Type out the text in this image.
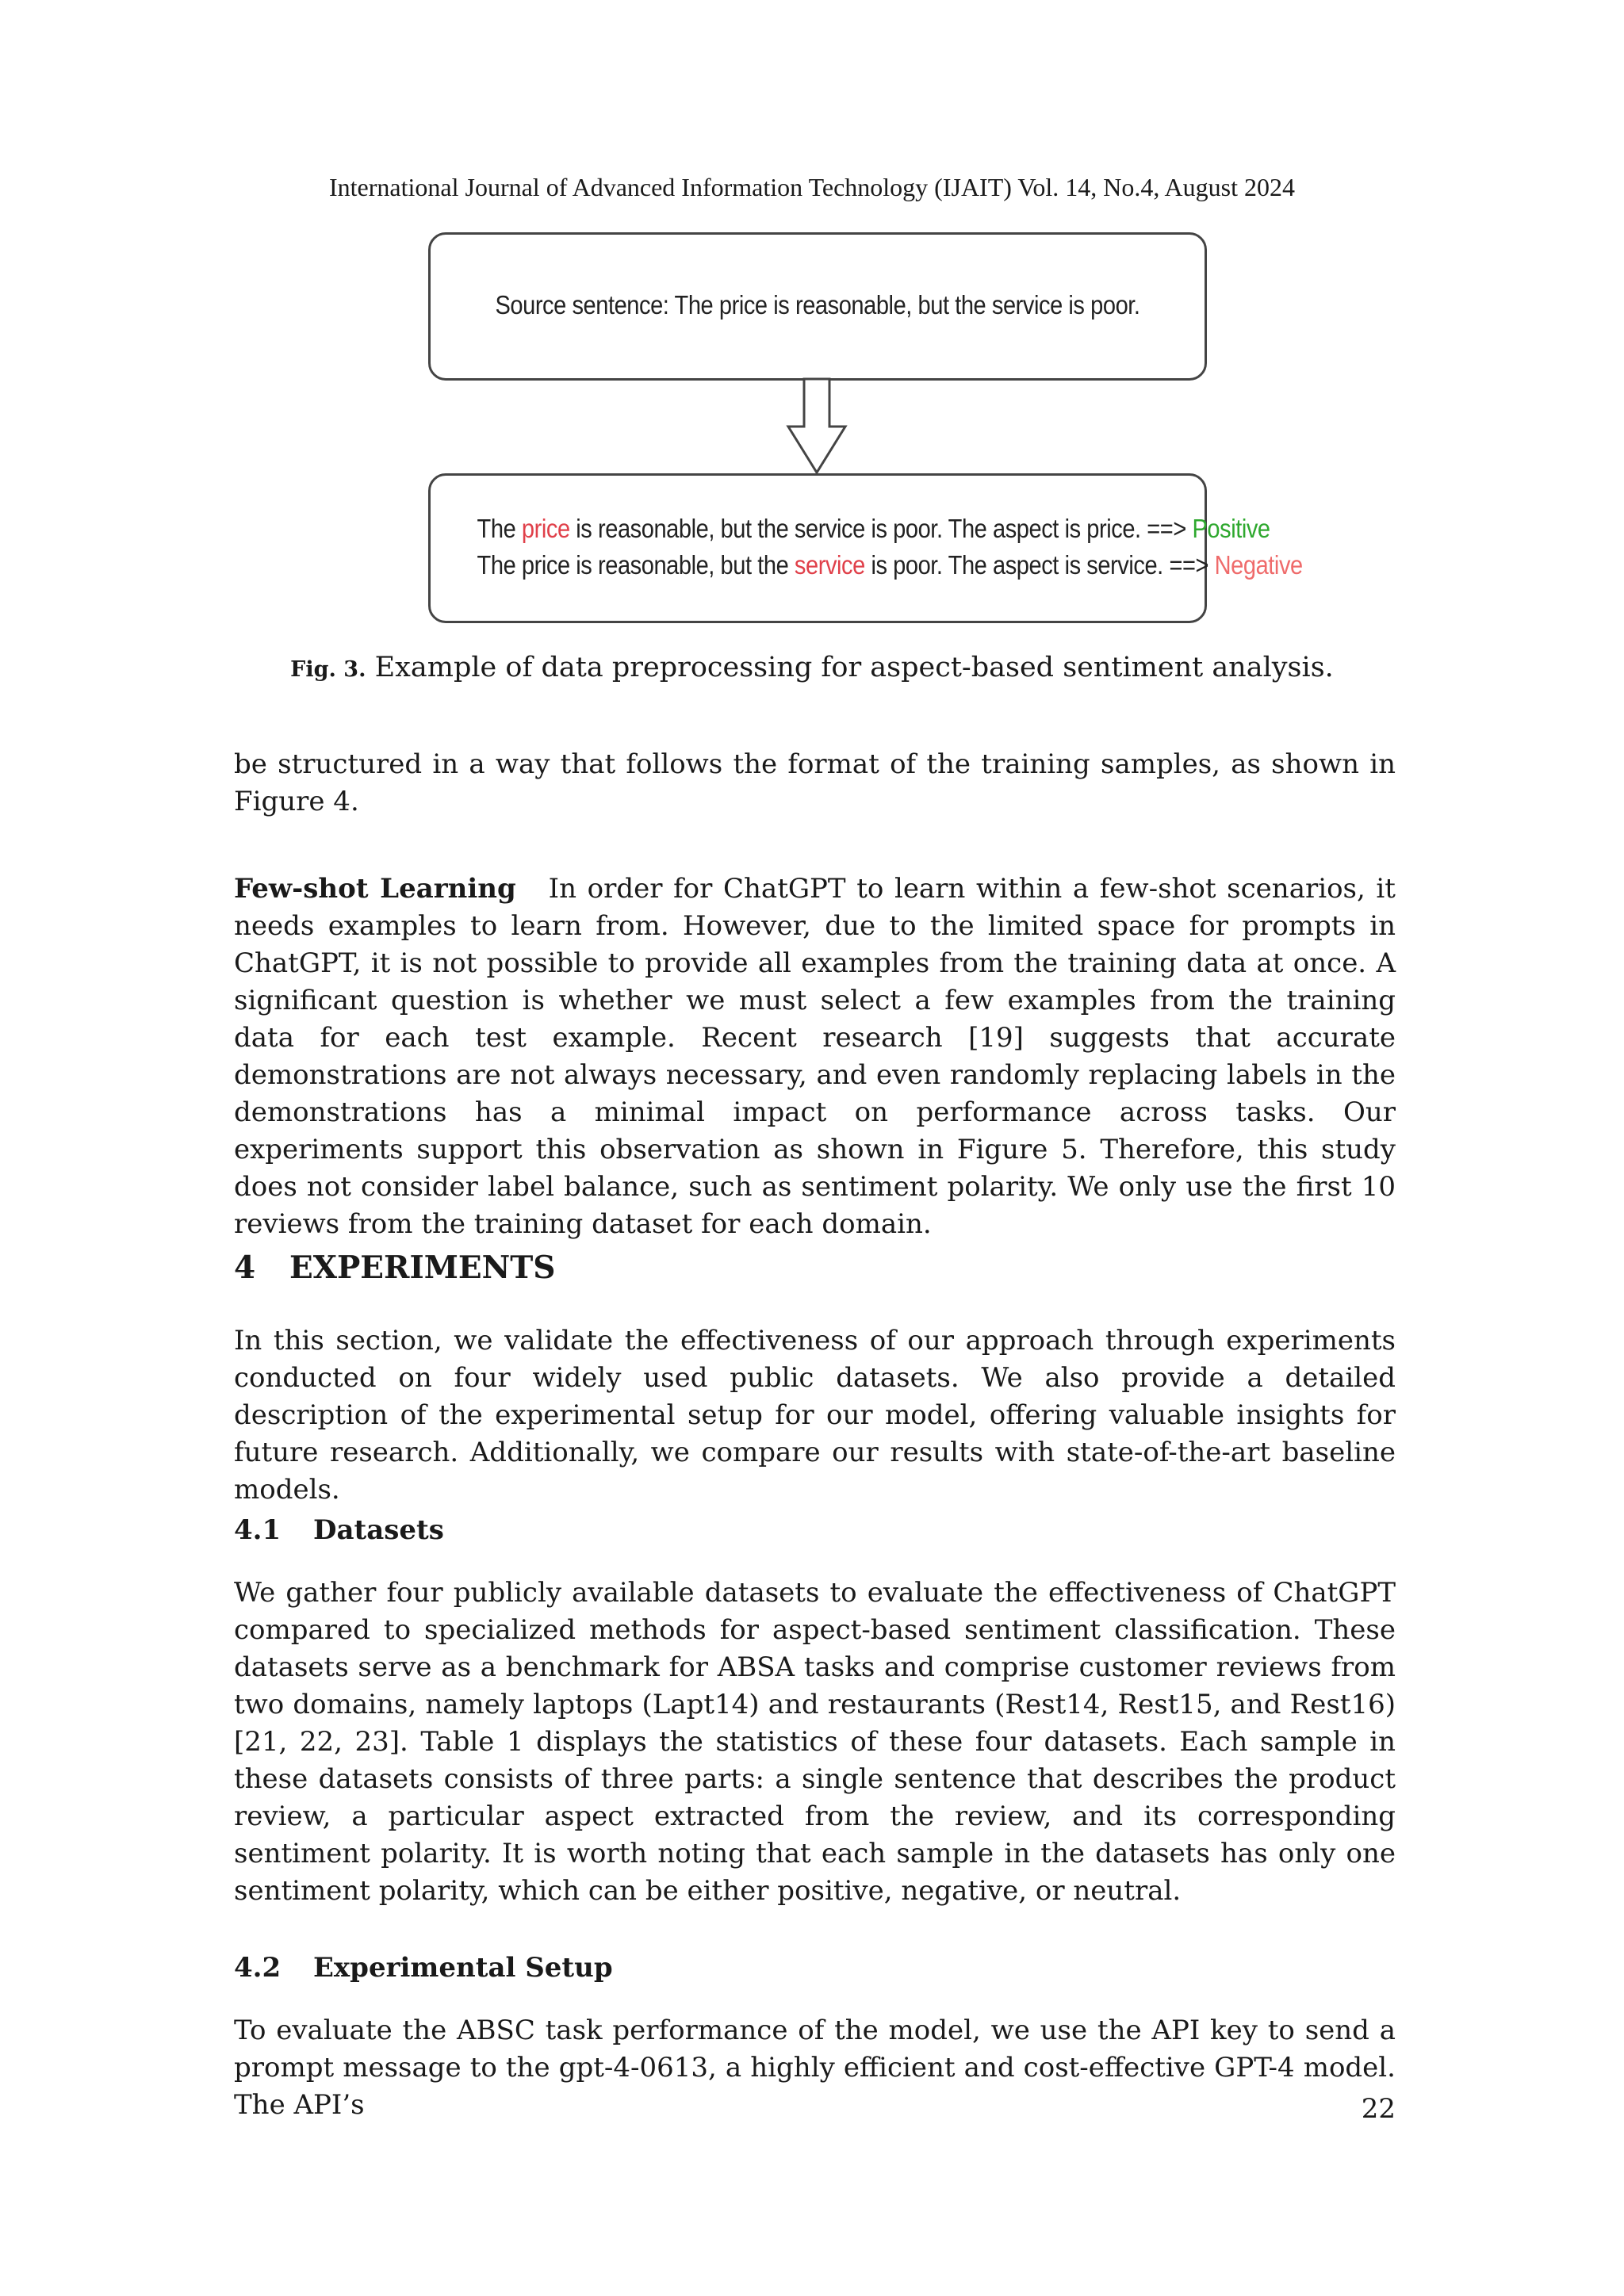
International Journal of Advanced Information Technology (IJAIT) Vol. 14, No.4, August 2024
Source sentence: The price is reasonable, but the service is poor.
The price is reasonable, but the service is poor. The aspect is price. ==> Positive
The price is reasonable, but the service is poor. The aspect is service. ==> Negative
Fig. 3. Example of data preprocessing for aspect-based sentiment analysis.

be structured in a way that follows the format of the training samples, as shown in Figure 4.

Few-shot Learning In order for ChatGPT to learn within a few-shot scenarios, it needs examples to learn from. However, due to the limited space for prompts in ChatGPT, it is not possible to provide all examples from the training data at once. A significant question is whether we must select a few examples from the training data for each test example. Recent research [19] suggests that accurate demonstrations are not always necessary, and even randomly replacing labels in the demonstrations has a minimal impact on performance across tasks. Our experiments support this observation as shown in Figure 5. Therefore, this study does not consider label balance, such as sentiment polarity. We only use the first 10 reviews from the training dataset for each domain.

4 EXPERIMENTS

In this section, we validate the effectiveness of our approach through experiments conducted on four widely used public datasets. We also provide a detailed description of the experimental setup for our model, offering valuable insights for future research. Additionally, we compare our results with state-of-the-art baseline models.

4.1 Datasets

We gather four publicly available datasets to evaluate the effectiveness of ChatGPT compared to specialized methods for aspect-based sentiment classification. These datasets serve as a benchmark for ABSA tasks and comprise customer reviews from two domains, namely laptops (Lapt14) and restaurants (Rest14, Rest15, and Rest16) [21, 22, 23]. Table 1 displays the statistics of these four datasets. Each sample in these datasets consists of three parts: a single sentence that describes the product review, a particular aspect extracted from the review, and its corresponding sentiment polarity. It is worth noting that each sample in the datasets has only one sentiment polarity, which can be either positive, negative, or neutral.

4.2 Experimental Setup

To evaluate the ABSC task performance of the model, we use the API key to send a prompt message to the gpt-4-0613, a highly efficient and cost-effective GPT-4 model. The API’s	22
